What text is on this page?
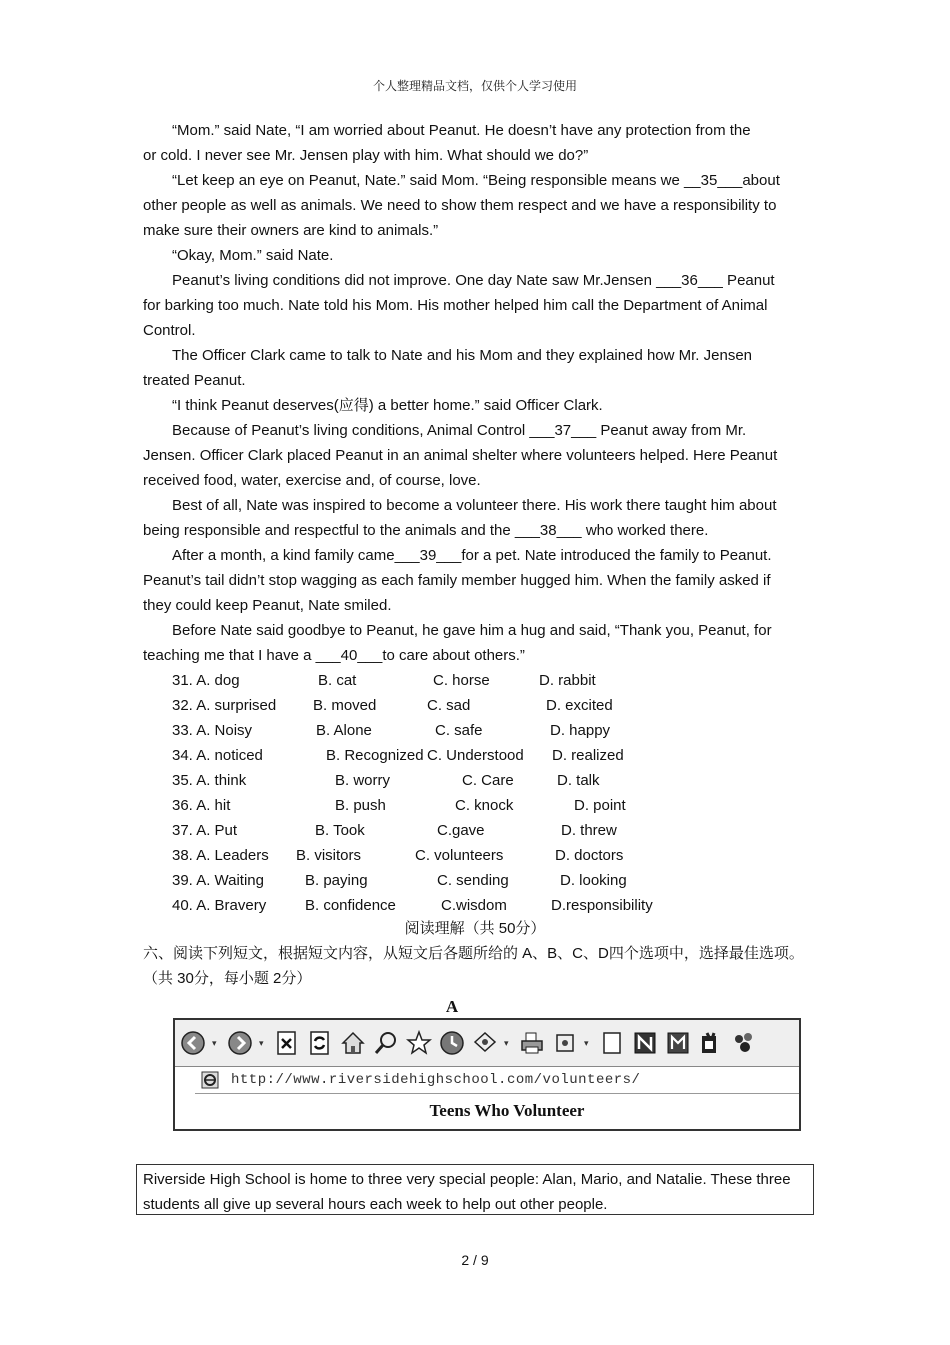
个人整理精品文档，仅供个人学习使用

“Mom.” said Nate, “I am worried about Peanut. He doesn’t have any protection from the

or cold. I never see Mr. Jensen play with him. What should we do?”

“Let keep an eye on Peanut, Nate.” said Mom. “Being responsible means we __35___about

other people as well as animals. We need to show them respect and we have a responsibility to

make sure their owners are kind to animals.”

“Okay, Mom.” said Nate.

Peanut’s living conditions did not improve. One day Nate saw Mr.Jensen ___36___ Peanut

for barking too much. Nate told his Mom. His mother helped him call the Department of Animal

Control.

The Officer Clark came to talk to Nate and his Mom and they explained how Mr. Jensen

treated Peanut.

“I think Peanut deserves(应得) a better home.” said Officer Clark.

Because of Peanut’s living conditions, Animal Control ___37___ Peanut away from Mr.

Jensen. Officer Clark placed Peanut in an animal shelter where volunteers helped. Here Peanut

received food, water, exercise and, of course, love.

Best of all, Nate was inspired to become a volunteer there. His work there taught him about

being responsible and respectful to the animals and the ___38___ who worked there.

After a month, a kind family came___39___for a pet. Nate introduced the family to Peanut.

Peanut’s tail didn’t stop wagging as each family member hugged him. When the family asked if

they could keep Peanut, Nate smiled.

Before Nate said goodbye to Peanut, he gave him a hug and said, “Thank you, Peanut, for

teaching me that I have a ___40___to care about others.”

31. A. dog	B. cat	C. horse	D. rabbit
32. A. surprised B. moved	C. sad	D. excited
33. A. Noisy	B. Alone	C. safe	D. happy
34. A. noticed	B. Recognized C. Understood D. realized
35. A. think	B. worry	C. Care	D. talk
36. A. hit	B. push	C. knock	D. point
37. A. Put	B. Took	C.gave	D. threw
38. A. Leaders B. visitors	C. volunteers	D. doctors
39. A. Waiting	B. paying	C. sending	D. looking
40. A. Bravery	B. confidence	C.wisdom	D.responsibility
阅读理解（共 50分）
六、阅读下列短文，根据短文内容，从短文后各题所给的 A、B、C、D四个选项中，选择最佳选项。（共 30分，每小题 2分）
A
▾	▾	▾	▾
http://www.riversidehighschool.com/volunteers/
Teens Who Volunteer
Riverside High School is home to three very special people: Alan, Mario, and Natalie. These three
students all give up several hours each week to help out other people.
2 / 9
